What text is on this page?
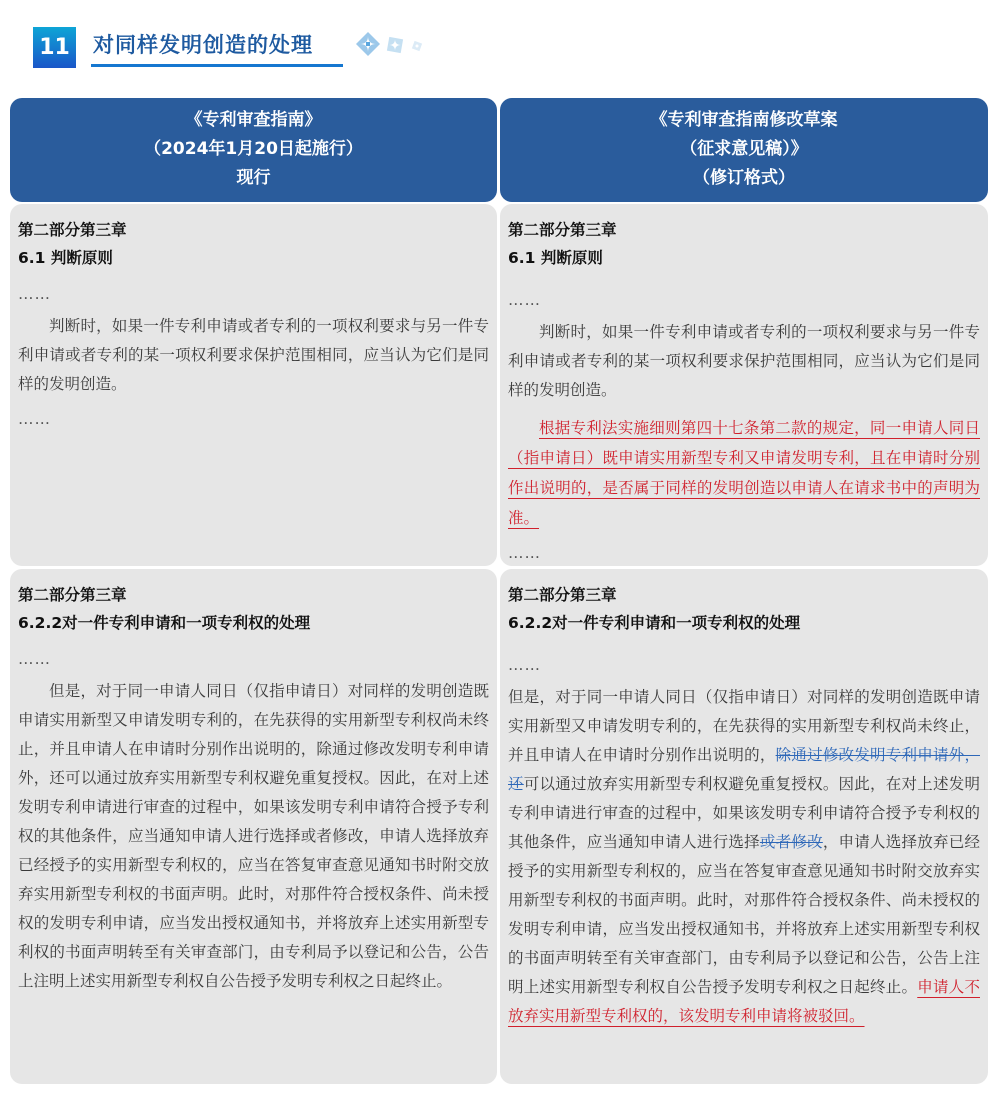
11 对同样发明创造的处理
《专利审查指南》
（2024年1月20日起施行）
现行
《专利审查指南修改草案
（征求意见稿）》
（修订格式）
第二部分第三章
6.1 判断原则
……
判断时，如果一件专利申请或者专利的一项权利要求与另一件专利申请或者专利的某一项权利要求保护范围相同，应当认为它们是同样的发明创造。
……
第二部分第三章
6.1 判断原则
……
判断时，如果一件专利申请或者专利的一项权利要求与另一件专利申请或者专利的某一项权利要求保护范围相同，应当认为它们是同样的发明创造。
根据专利法实施细则第四十七条第二款的规定，同一申请人同日（指申请日）既申请实用新型专利又申请发明专利，且在申请时分别作出说明的，是否属于同样的发明创造以申请人在请求书中的声明为准。
……
第二部分第三章
6.2.2对一件专利申请和一项专利权的处理
……
但是，对于同一申请人同日（仅指申请日）对同样的发明创造既申请实用新型又申请发明专利的，在先获得的实用新型专利权尚未终止，并且申请人在申请时分别作出说明的，除通过修改发明专利申请外，还可以通过放弃实用新型专利权避免重复授权。因此，在对上述发明专利申请进行审查的过程中，如果该发明专利申请符合授予专利权的其他条件，应当通知申请人进行选择或者修改，申请人选择放弃已经授予的实用新型专利权的，应当在答复审查意见通知书时附交放弃实用新型专利权的书面声明。此时，对那件符合授权条件、尚未授权的发明专利申请，应当发出授权通知书，并将放弃上述实用新型专利权的书面声明转至有关审查部门，由专利局予以登记和公告，公告上注明上述实用新型专利权自公告授予发明专利权之日起终止。
第二部分第三章
6.2.2对一件专利申请和一项专利权的处理
……
但是，对于同一申请人同日（仅指申请日）对同样的发明创造既申请实用新型又申请发明专利的，在先获得的实用新型专利权尚未终止，并且申请人在申请时分别作出说明的，除通过修改发明专利申请外，还可以通过放弃实用新型专利权避免重复授权。因此，在对上述发明专利申请进行审查的过程中，如果该发明专利申请符合授予专利权的其他条件，应当通知申请人进行选择或者修改，申请人选择放弃已经授予的实用新型专利权的，应当在答复审查意见通知书时附交放弃实用新型专利权的书面声明。此时，对那件符合授权条件、尚未授权的发明专利申请，应当发出授权通知书，并将放弃上述实用新型专利权的书面声明转至有关审查部门，由专利局予以登记和公告，公告上注明上述实用新型专利权自公告授予发明专利权之日起终止。申请人不放弃实用新型专利权的，该发明专利申请将被驳回。
